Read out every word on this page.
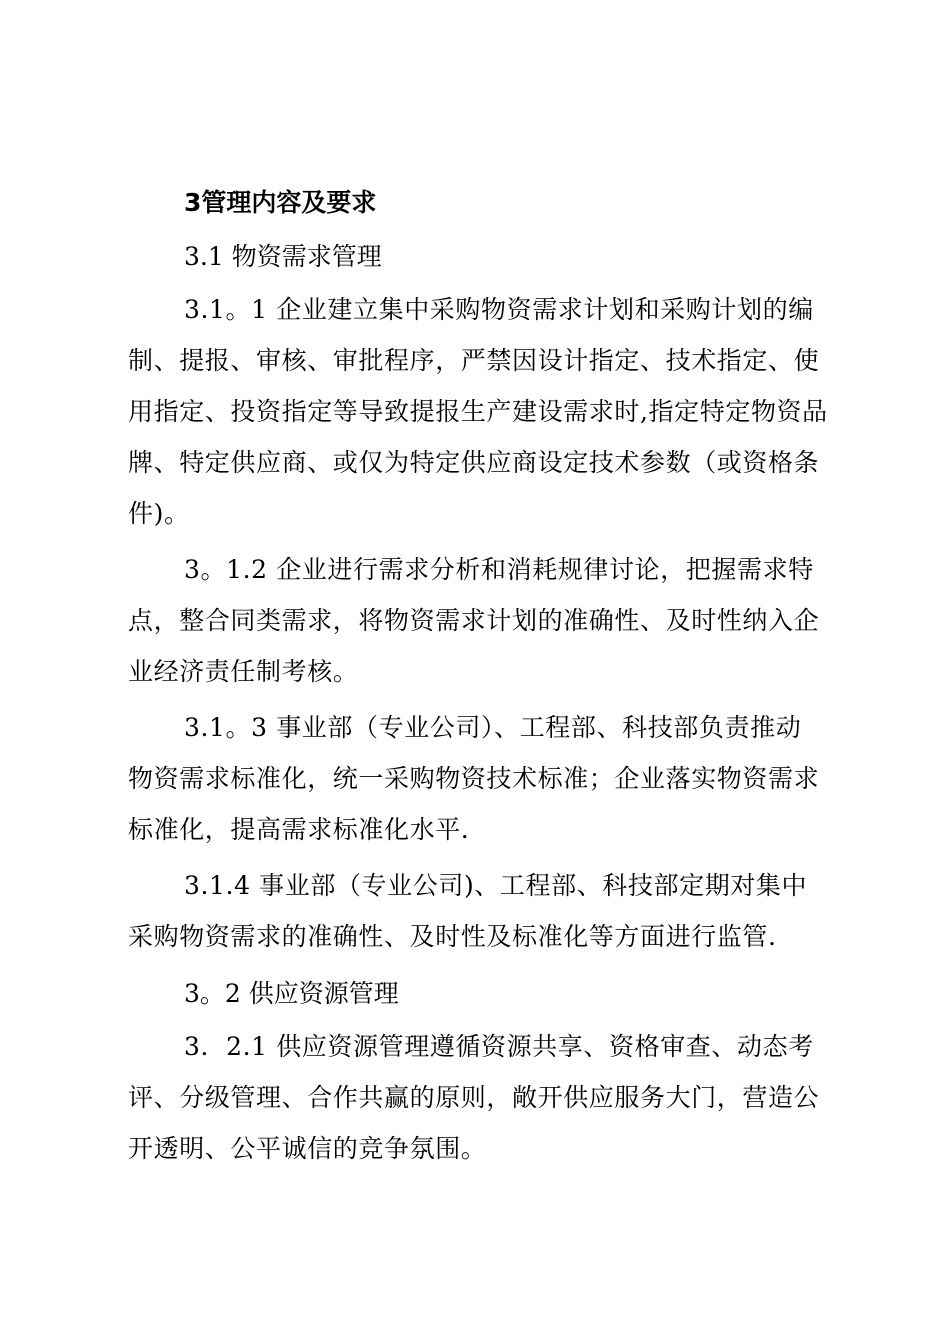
3管理内容及要求
3.1 物资需求管理
3.1。1 企业建立集中采购物资需求计划和采购计划的编
制、提报、审核、审批程序，严禁因设计指定、技术指定、使
用指定、投资指定等导致提报生产建设需求时,指定特定物资品
牌、特定供应商、或仅为特定供应商设定技术参数（或资格条
件)。
3。1.2 企业进行需求分析和消耗规律讨论，把握需求特
点，整合同类需求，将物资需求计划的准确性、及时性纳入企
业经济责任制考核。
3.1。3 事业部（专业公司）、工程部、科技部负责推动
物资需求标准化，统一采购物资技术标准；企业落实物资需求
标准化，提高需求标准化水平.
3.1.4 事业部（专业公司)、工程部、科技部定期对集中
采购物资需求的准确性、及时性及标准化等方面进行监管.
3。2 供应资源管理
3．2.1 供应资源管理遵循资源共享、资格审查、动态考
评、分级管理、合作共赢的原则，敞开供应服务大门，营造公
开透明、公平诚信的竞争氛围。
